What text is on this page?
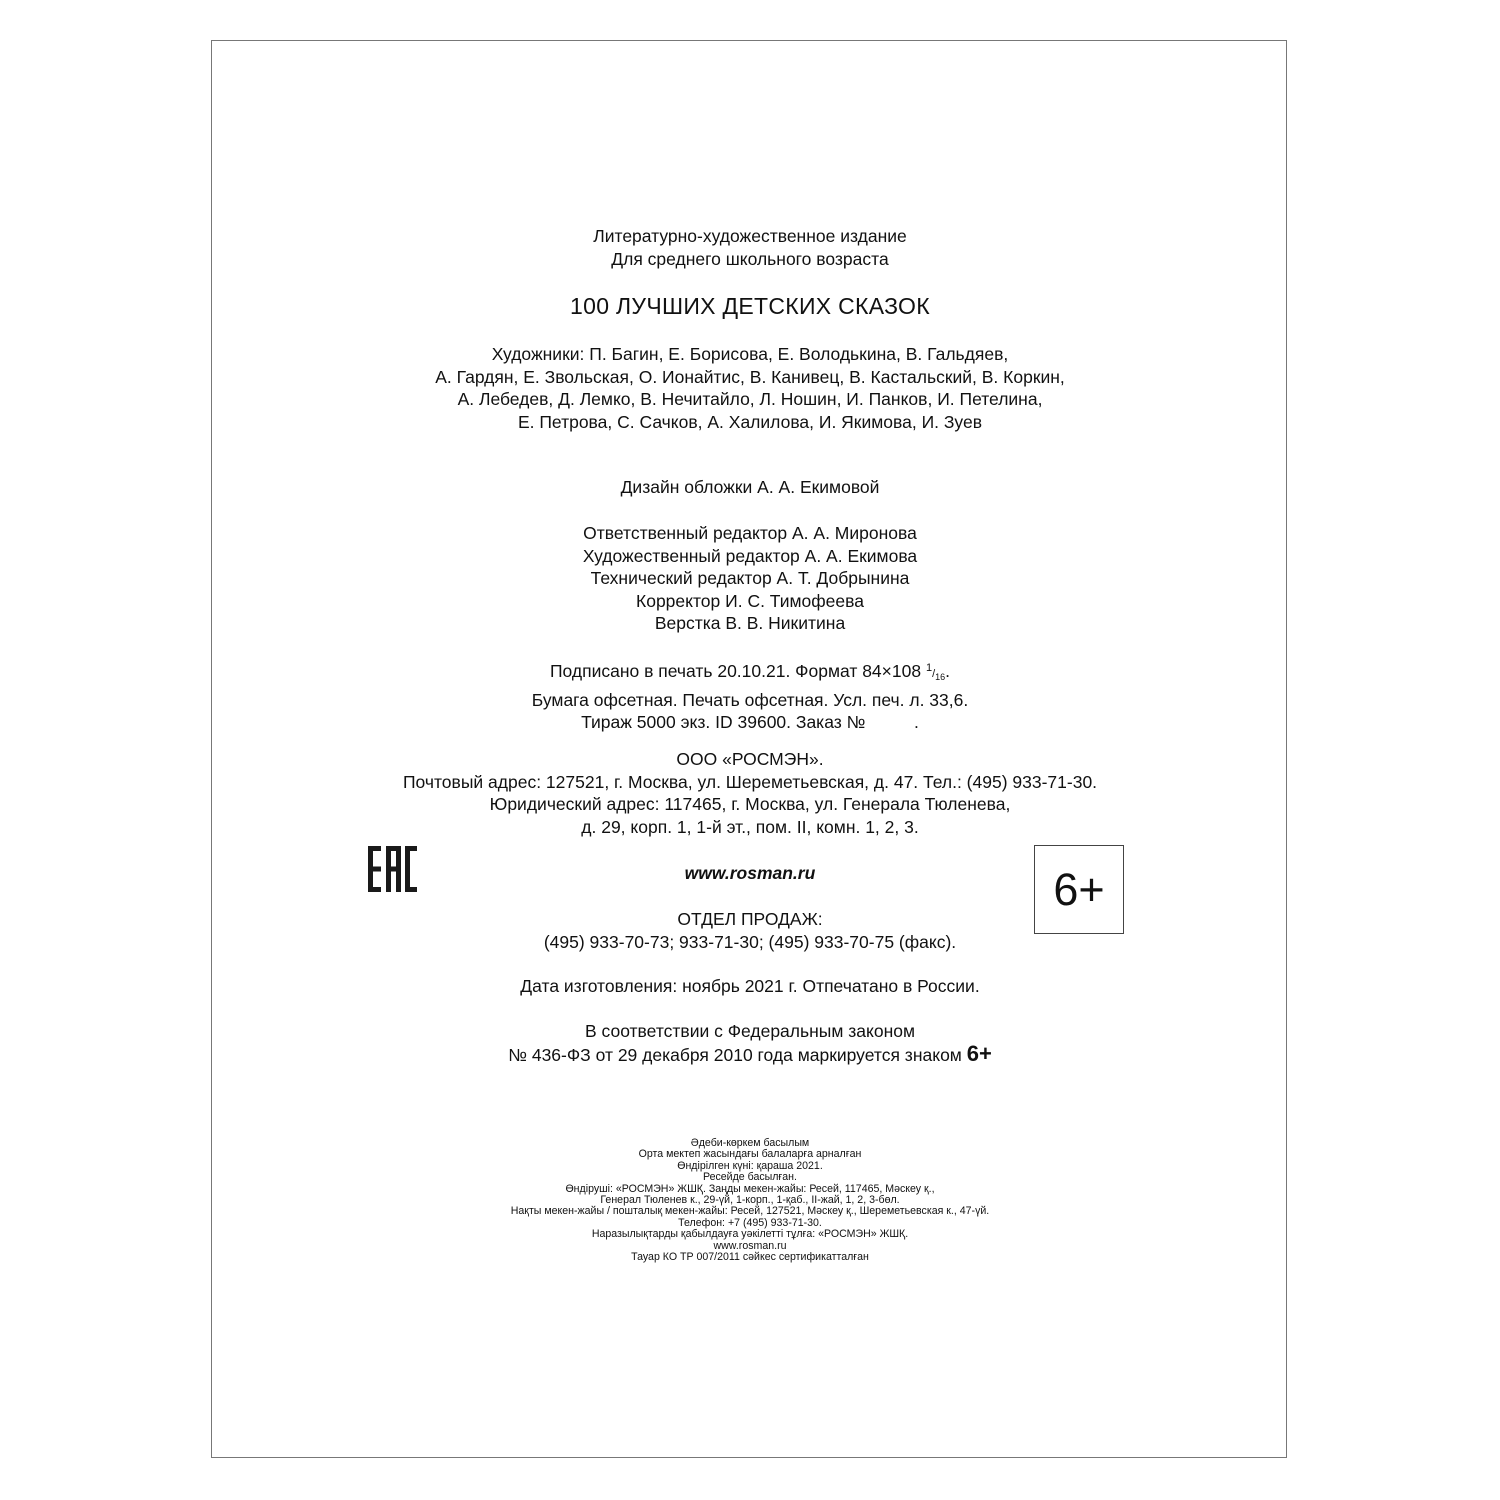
Литературно-художественное издание
Для среднего школьного возраста
100 ЛУЧШИХ ДЕТСКИХ СКАЗОК
Художники: П. Багин, Е. Борисова, Е. Володькина, В. Гальдяев,
А. Гардян, Е. Звольская, О. Ионайтис, В. Канивец, В. Кастальский, В. Коркин,
А. Лебедев, Д. Лемко, В. Нечитайло, Л. Ношин, И. Панков, И. Петелина,
Е. Петрова, С. Сачков, А. Халилова, И. Якимова, И. Зуев
Дизайн обложки А. А. Екимовой
Ответственный редактор А. А. Миронова
Художественный редактор А. А. Екимова
Технический редактор А. Т. Добрынина
Корректор И. С. Тимофеева
Верстка В. В. Никитина
Подписано в печать 20.10.21. Формат 84×108 $^1/_{16}$.
Бумага офсетная. Печать офсетная. Усл. печ. л. 33,6.
Тираж 5000 экз. ID 39600. Заказ №          .
ООО «РОСМЭН».
Почтовый адрес: 127521, г. Москва, ул. Шереметьевская, д. 47. Тел.: (495) 933-71-30.
Юридический адрес: 117465, г. Москва, ул. Генерала Тюленева,
д. 29, корп. 1, 1-й эт., пом. II, комн. 1, 2, 3.
6+
www.rosman.ru
ОТДЕЛ ПРОДАЖ:
(495) 933-70-73; 933-71-30; (495) 933-70-75 (факс).
Дата изготовления: ноябрь 2021 г. Отпечатано в России.
В соответствии с Федеральным законом
№ 436-ФЗ от 29 декабря 2010 года маркируется знаком 6+
Әдеби-көркем басылым
Орта мектеп жасындағы балаларға арналған
Өндірілген күні: қараша 2021.
Ресейде басылған.
Өндіруші: «РОСМЭН» ЖШҚ. Заңды мекен-жайы: Ресей, 117465, Мәскеу қ.,
Генерал Тюленев к., 29-үй, 1-корп., 1-қаб., ІІ-жай, 1, 2, 3-бөл.
Нақты мекен-жайы / пошталық мекен-жайы: Ресей, 127521, Мәскеу қ., Шереметьевская к., 47-үй.
Телефон: +7 (495) 933-71-30.
Наразылықтарды қабылдауға уәкілетті тұлға: «РОСМЭН» ЖШҚ.
www.rosman.ru
Тауар КО ТР 007/2011 сәйкес сертификатталған
